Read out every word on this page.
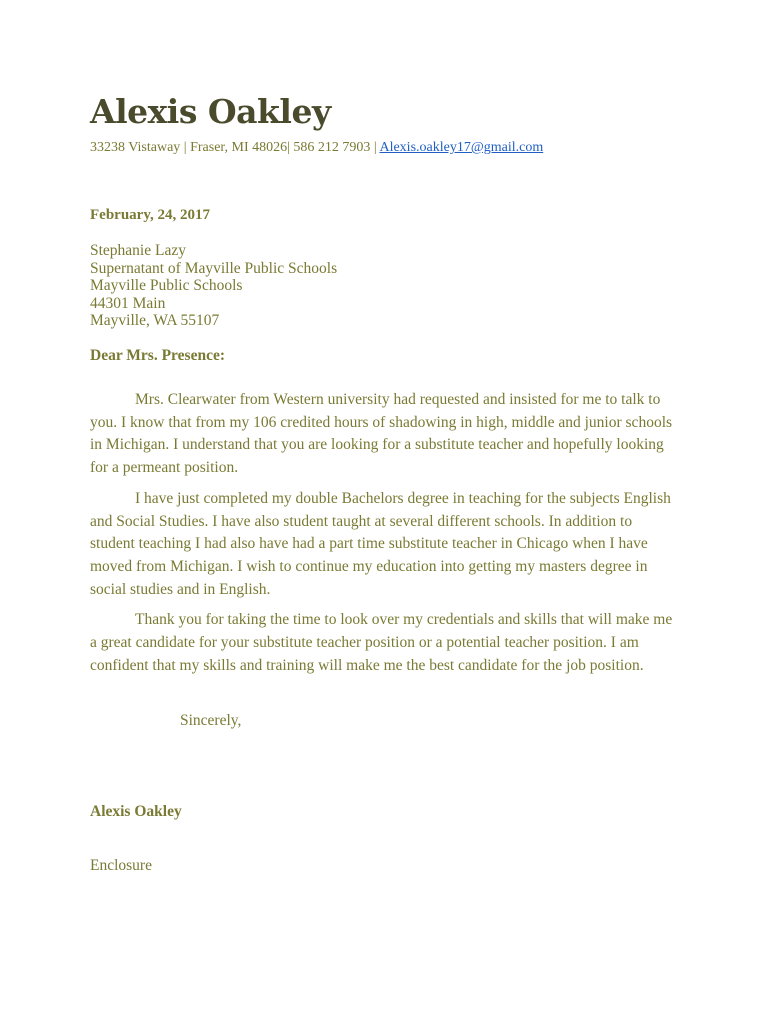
Alexis Oakley
33238 Vistaway | Fraser, MI 48026| 586 212 7903 | Alexis.oakley17@gmail.com
February, 24, 2017
Stephanie Lazy
Supernatant of Mayville Public Schools
Mayville Public Schools
44301 Main
Mayville, WA 55107
Dear Mrs. Presence:

Mrs. Clearwater from Western university had requested and insisted for me to talk to you. I know that from my 106 credited hours of shadowing in high, middle and junior schools in Michigan. I understand that you are looking for a substitute teacher and hopefully looking for a permeant position.

I have just completed my double Bachelors degree in teaching for the subjects English and Social Studies. I have also student taught at several different schools. In addition to student teaching I had also have had a part time substitute teacher in Chicago when I have moved from Michigan. I wish to continue my education into getting my masters degree in social studies and in English.

Thank you for taking the time to look over my credentials and skills that will make me a great candidate for your substitute teacher position or a potential teacher position. I am confident that my skills and training will make me the best candidate for the job position.

Sincerely,
Alexis Oakley
Enclosure
